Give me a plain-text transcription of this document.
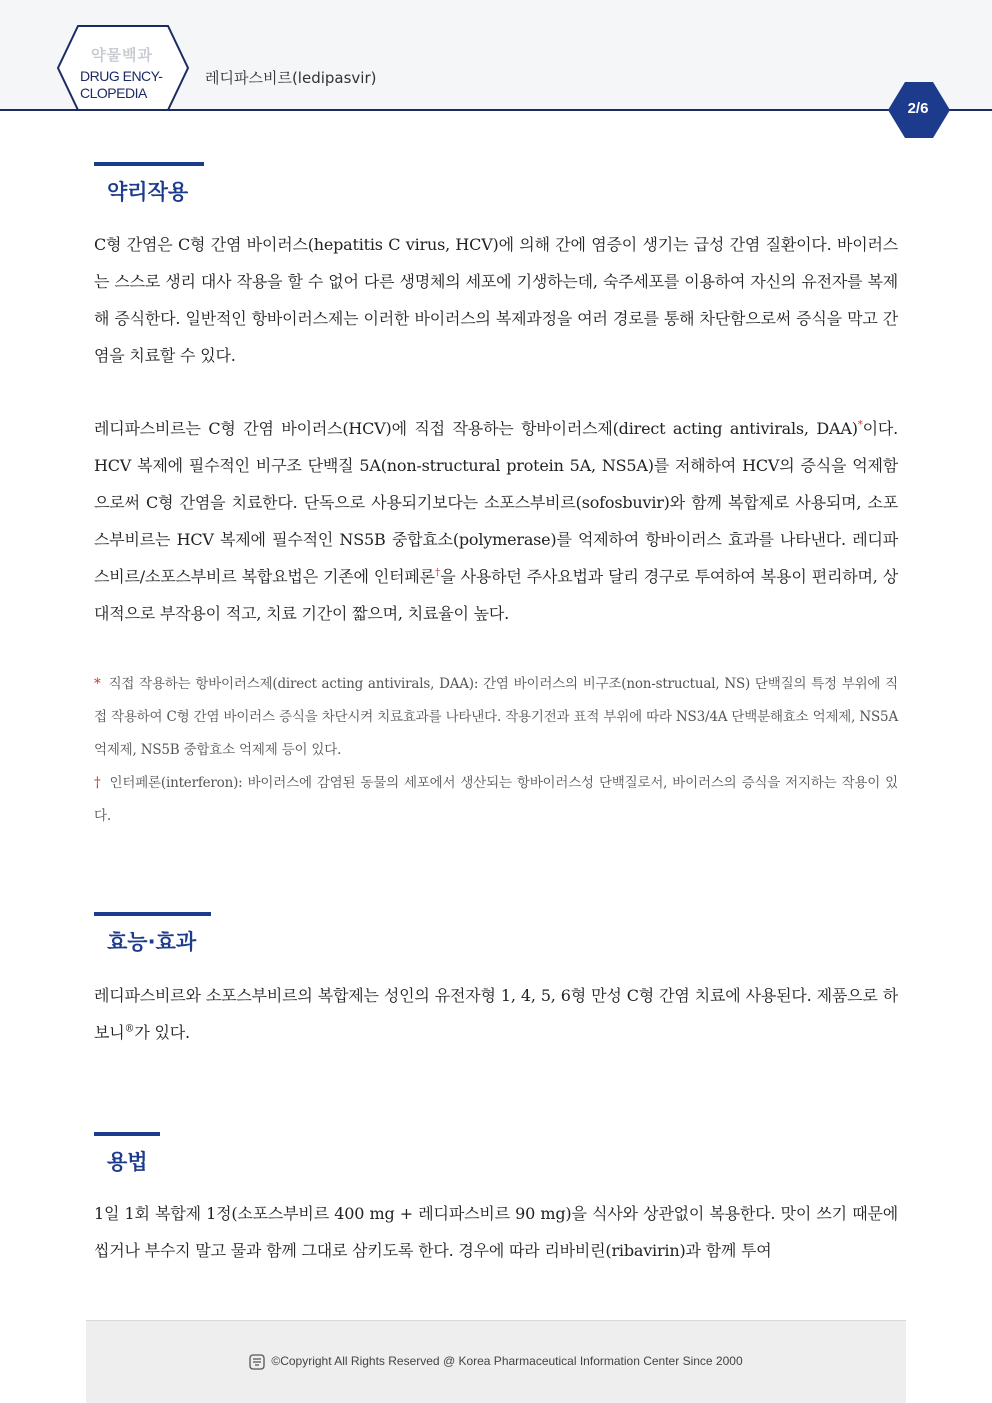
약물백과
DRUG ENCY-
CLOPEDIA
레디파스비르(ledipasvir)
2/6
약리작용
C형 간염은 C형 간염 바이러스(hepatitis C virus, HCV)에 의해 간에 염증이 생기는 급성 간염 질환이다. 바이러스는 스스로 생리 대사 작용을 할 수 없어 다른 생명체의 세포에 기생하는데, 숙주세포를 이용하여 자신의 유전자를 복제해 증식한다. 일반적인 항바이러스제는 이러한 바이러스의 복제과정을 여러 경로를 통해 차단함으로써 증식을 막고 간염을 치료할 수 있다.
레디파스비르는 C형 간염 바이러스(HCV)에 직접 작용하는 항바이러스제(direct acting antivirals, DAA)*이다. HCV 복제에 필수적인 비구조 단백질 5A(non-structural protein 5A, NS5A)를 저해하여 HCV의 증식을 억제함으로써 C형 간염을 치료한다. 단독으로 사용되기보다는 소포스부비르(sofosbuvir)와 함께 복합제로 사용되며, 소포스부비르는 HCV 복제에 필수적인 NS5B 중합효소(polymerase)를 억제하여 항바이러스 효과를 나타낸다. 레디파스비르/소포스부비르 복합요법은 기존에 인터페론†을 사용하던 주사요법과 달리 경구로 투여하여 복용이 편리하며, 상대적으로 부작용이 적고, 치료 기간이 짧으며, 치료율이 높다.
* 직접 작용하는 항바이러스제(direct acting antivirals, DAA): 간염 바이러스의 비구조(non-structual, NS) 단백질의 특정 부위에 직접 작용하여 C형 간염 바이러스 증식을 차단시켜 치료효과를 나타낸다. 작용기전과 표적 부위에 따라 NS3/4A 단백분해효소 억제제, NS5A 억제제, NS5B 중합효소 억제제 등이 있다.
† 인터페론(interferon): 바이러스에 감염된 동물의 세포에서 생산되는 항바이러스성 단백질로서, 바이러스의 증식을 저지하는 작용이 있다.
효능·효과
레디파스비르와 소포스부비르의 복합제는 성인의 유전자형 1, 4, 5, 6형 만성 C형 간염 치료에 사용된다. 제품으로 하보니®가 있다.
용법
1일 1회 복합제 1정(소포스부비르 400 mg + 레디파스비르 90 mg)을 식사와 상관없이 복용한다. 맛이 쓰기 때문에 씹거나 부수지 말고 물과 함께 그대로 삼키도록 한다. 경우에 따라 리바비린(ribavirin)과 함께 투여
©Copyright All Rights Reserved @ Korea Pharmaceutical Information Center Since 2000
